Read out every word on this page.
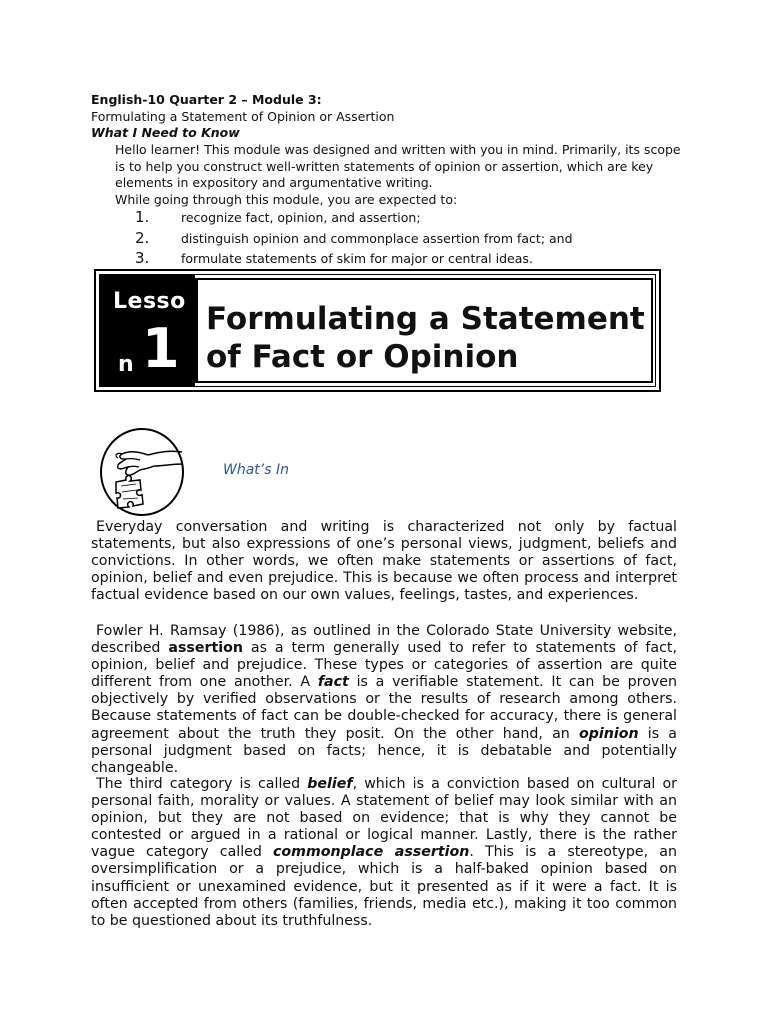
English-10 Quarter 2 – Module 3:
Formulating a Statement of Opinion or Assertion
What I Need to Know
Hello learner! This module was designed and written with you in mind. Primarily, its scope is to help you construct well-written statements of opinion or assertion, which are key elements in expository and argumentative writing.
While going through this module, you are expected to:
1.	recognize fact, opinion, and assertion;
2.	distinguish opinion and commonplace assertion from fact; and
3.	formulate statements of skim for major or central ideas.
Lesso
n 1 Formulating a Statement
of Fact or Opinion
What’s In
Everyday conversation and writing is characterized not only by factual statements, but also expressions of one’s personal views, judgment, beliefs and convictions. In other words, we often make statements or assertions of fact, opinion, belief and even prejudice. This is because we often process and interpret factual evidence based on our own values, feelings, tastes, and experiences.
Fowler H. Ramsay (1986), as outlined in the Colorado State University website, described assertion as a term generally used to refer to statements of fact, opinion, belief and prejudice. These types or categories of assertion are quite different from one another. A fact is a verifiable statement. It can be proven objectively by verified observations or the results of research among others. Because statements of fact can be double-checked for accuracy, there is general agreement about the truth they posit. On the other hand, an opinion is a personal judgment based on facts; hence, it is debatable and potentially changeable.
The third category is called belief, which is a conviction based on cultural or personal faith, morality or values. A statement of belief may look similar with an opinion, but they are not based on evidence; that is why they cannot be contested or argued in a rational or logical manner. Lastly, there is the rather vague category called commonplace assertion. This is a stereotype, an oversimplification or a prejudice, which is a half-baked opinion based on insufficient or unexamined evidence, but it presented as if it were a fact. It is often accepted from others (families, friends, media etc.), making it too common to be questioned about its truthfulness.
